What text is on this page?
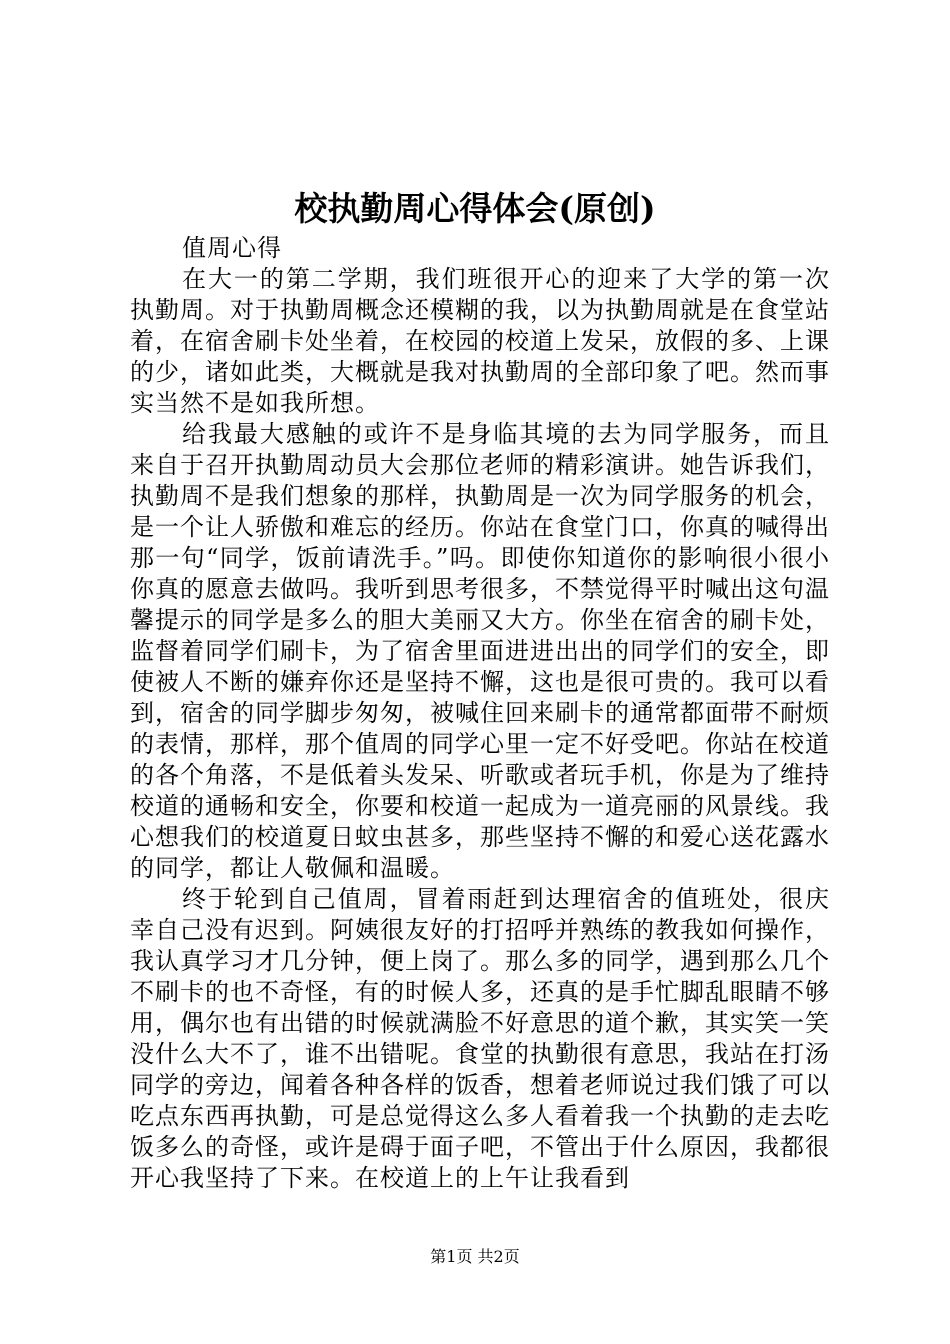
校执勤周心得体会(原创)

值周心得

在大一的第二学期，我们班很开心的迎来了大学的第一次执勤周。对于执勤周概念还模糊的我，以为执勤周就是在食堂站着，在宿舍刷卡处坐着，在校园的校道上发呆，放假的多、上课的少，诸如此类，大概就是我对执勤周的全部印象了吧。然而事实当然不是如我所想。

给我最大感触的或许不是身临其境的去为同学服务，而且来自于召开执勤周动员大会那位老师的精彩演讲。她告诉我们，执勤周不是我们想象的那样，执勤周是一次为同学服务的机会，是一个让人骄傲和难忘的经历。你站在食堂门口，你真的喊得出那一句“同学，饭前请洗手。”吗。即使你知道你的影响很小很小你真的愿意去做吗。我听到思考很多，不禁觉得平时喊出这句温馨提示的同学是多么的胆大美丽又大方。你坐在宿舍的刷卡处，监督着同学们刷卡，为了宿舍里面进进出出的同学们的安全，即使被人不断的嫌弃你还是坚持不懈，这也是很可贵的。我可以看到，宿舍的同学脚步匆匆，被喊住回来刷卡的通常都面带不耐烦的表情，那样，那个值周的同学心里一定不好受吧。你站在校道的各个角落，不是低着头发呆、听歌或者玩手机，你是为了维持校道的通畅和安全，你要和校道一起成为一道亮丽的风景线。我心想我们的校道夏日蚊虫甚多，那些坚持不懈的和爱心送花露水的同学，都让人敬佩和温暖。

终于轮到自己值周，冒着雨赶到达理宿舍的值班处，很庆幸自己没有迟到。阿姨很友好的打招呼并熟练的教我如何操作，我认真学习才几分钟，便上岗了。那么多的同学，遇到那么几个不刷卡的也不奇怪，有的时候人多，还真的是手忙脚乱眼睛不够用，偶尔也有出错的时候就满脸不好意思的道个歉，其实笑一笑没什么大不了，谁不出错呢。食堂的执勤很有意思，我站在打汤同学的旁边，闻着各种各样的饭香，想着老师说过我们饿了可以吃点东西再执勤，可是总觉得这么多人看着我一个执勤的走去吃饭多么的奇怪，或许是碍于面子吧，不管出于什么原因，我都很开心我坚持了下来。在校道上的上午让我看到

第1页 共2页
